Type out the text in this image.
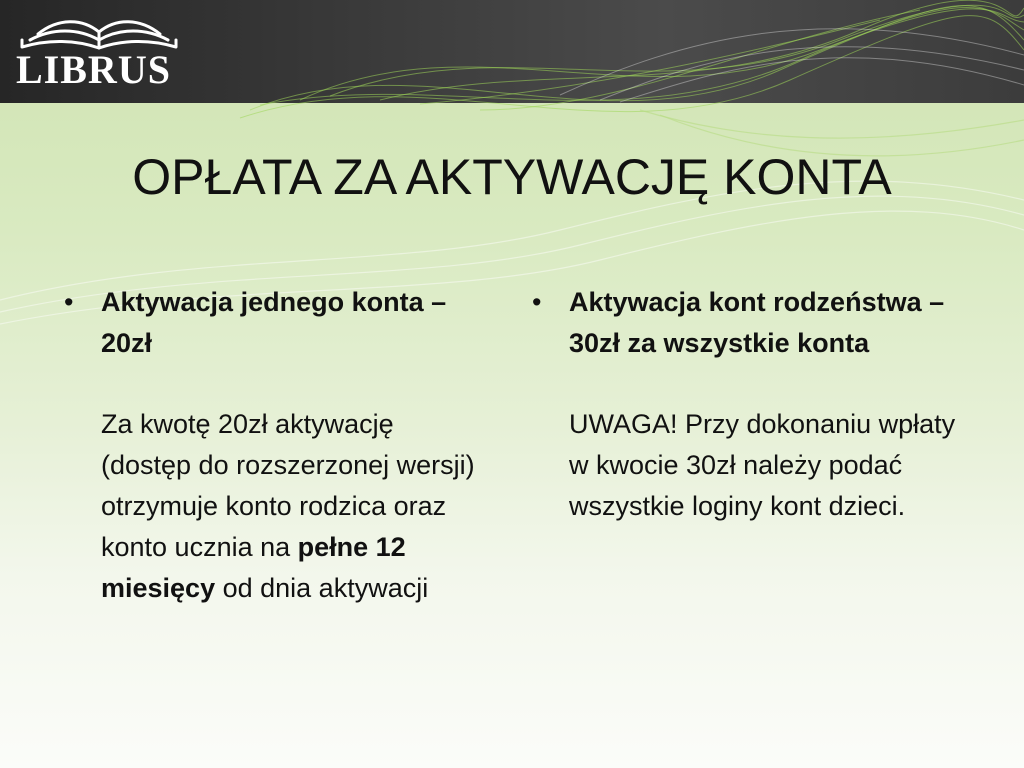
LIBRUS
OPŁATA ZA AKTYWACJĘ KONTA
•	Aktywacja jednego konta – 20zł
Za kwotę 20zł aktywację (dostęp do rozszerzonej wersji) otrzymuje konto rodzica oraz konto ucznia na pełne 12 miesięcy od dnia aktywacji
•	Aktywacja kont rodzeństwa – 30zł za wszystkie konta
UWAGA! Przy dokonaniu wpłaty w kwocie 30zł należy podać wszystkie loginy kont dzieci.
